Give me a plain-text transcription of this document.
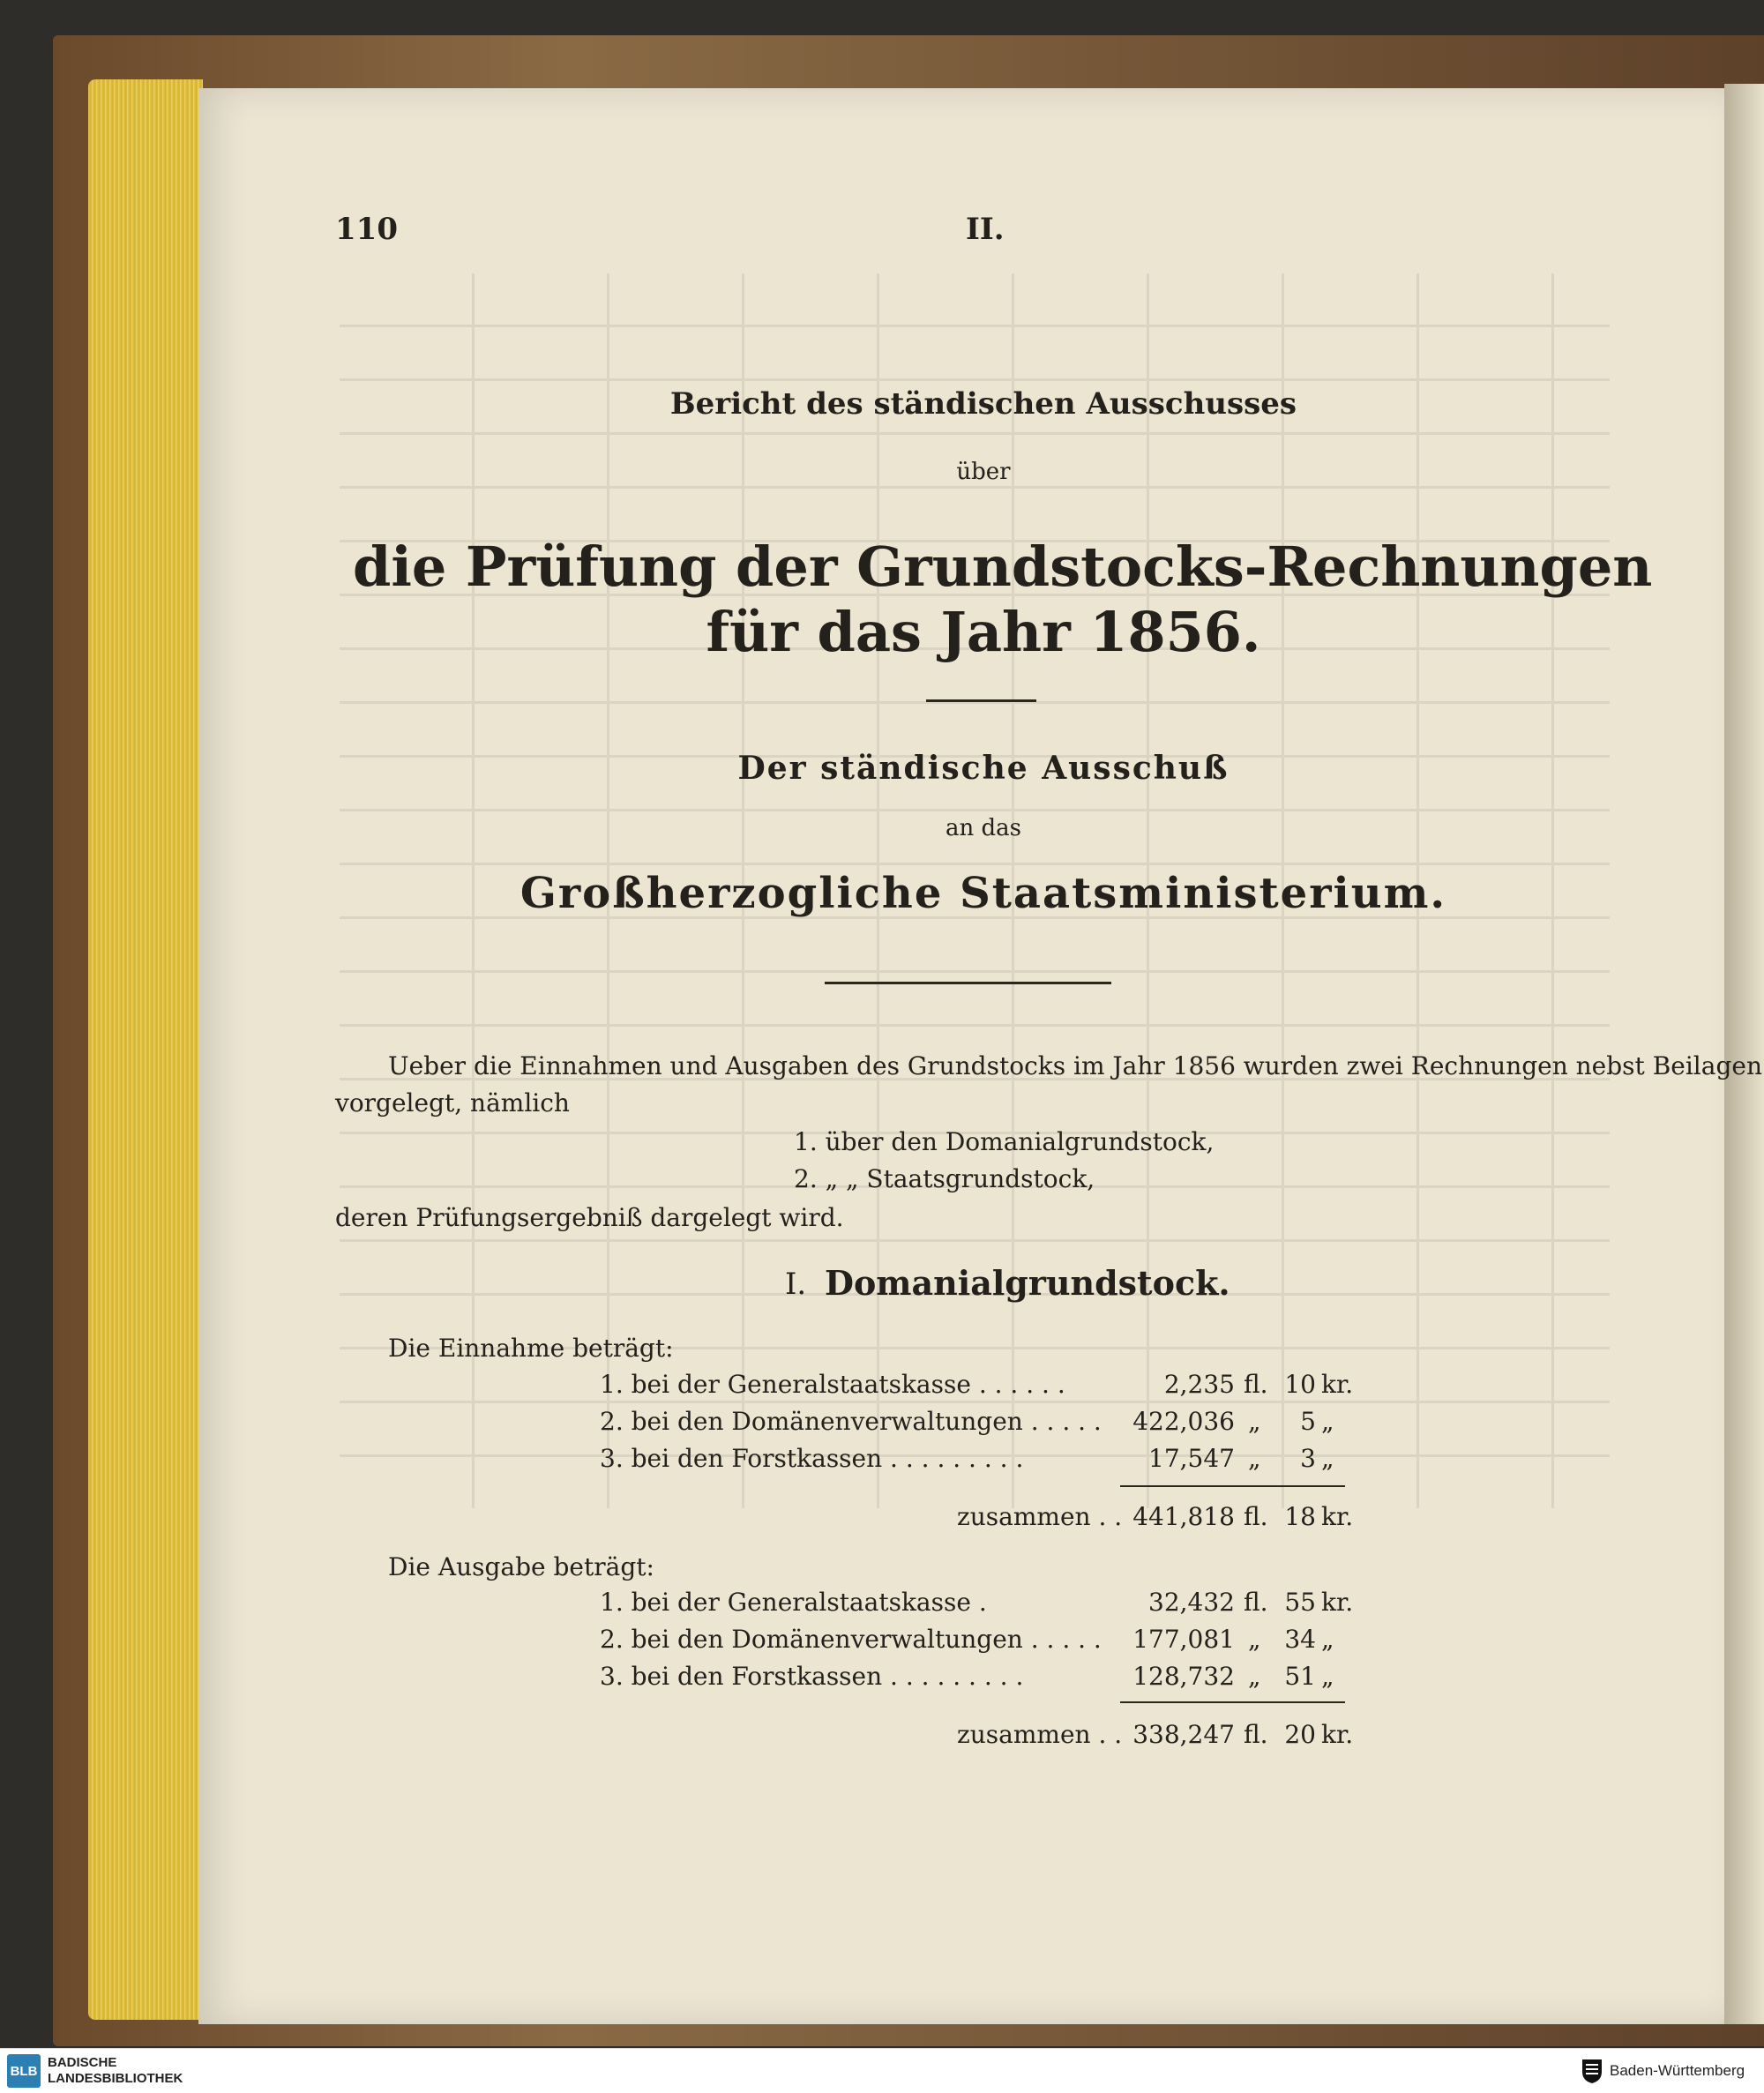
110	II.
Bericht des ständischen Ausschusses
über
die Prüfung der Grundstocks-Rechnungen
für das Jahr 1856.
Der ständische Ausschuß
an das
Großherzogliche Staatsministerium.
Ueber die Einnahmen und Ausgaben des Grundstocks im Jahr 1856 wurden zwei Rechnungen nebst Beilagen
vorgelegt, nämlich
1. über den Domanialgrundstock,
2. „ „ Staatsgrundstock,
deren Prüfungsergebniß dargelegt wird.
I. Domanialgrundstock.
Die Einnahme beträgt:
1. bei der Generalstaatskasse . . . . . .	2,235 fl. 10 kr.
2. bei den Domänenverwaltungen . . . . .	422,036 „	5 „
3. bei den Forstkassen . . . . . . . . .	17,547 „	3 „
zusammen . . 441,818 fl. 18 kr.
Die Ausgabe beträgt:
1. bei der Generalstaatskasse .	32,432 fl. 55 kr.
2. bei den Domänenverwaltungen . . . . .	177,081 „ 34 „
3. bei den Forstkassen . . . . . . . . .	128,732 „ 51 „
zusammen . . 338,247 fl. 20 kr.
BLB
BADISCHE
LANDESBIBLIOTHEK	Baden-Württemberg
